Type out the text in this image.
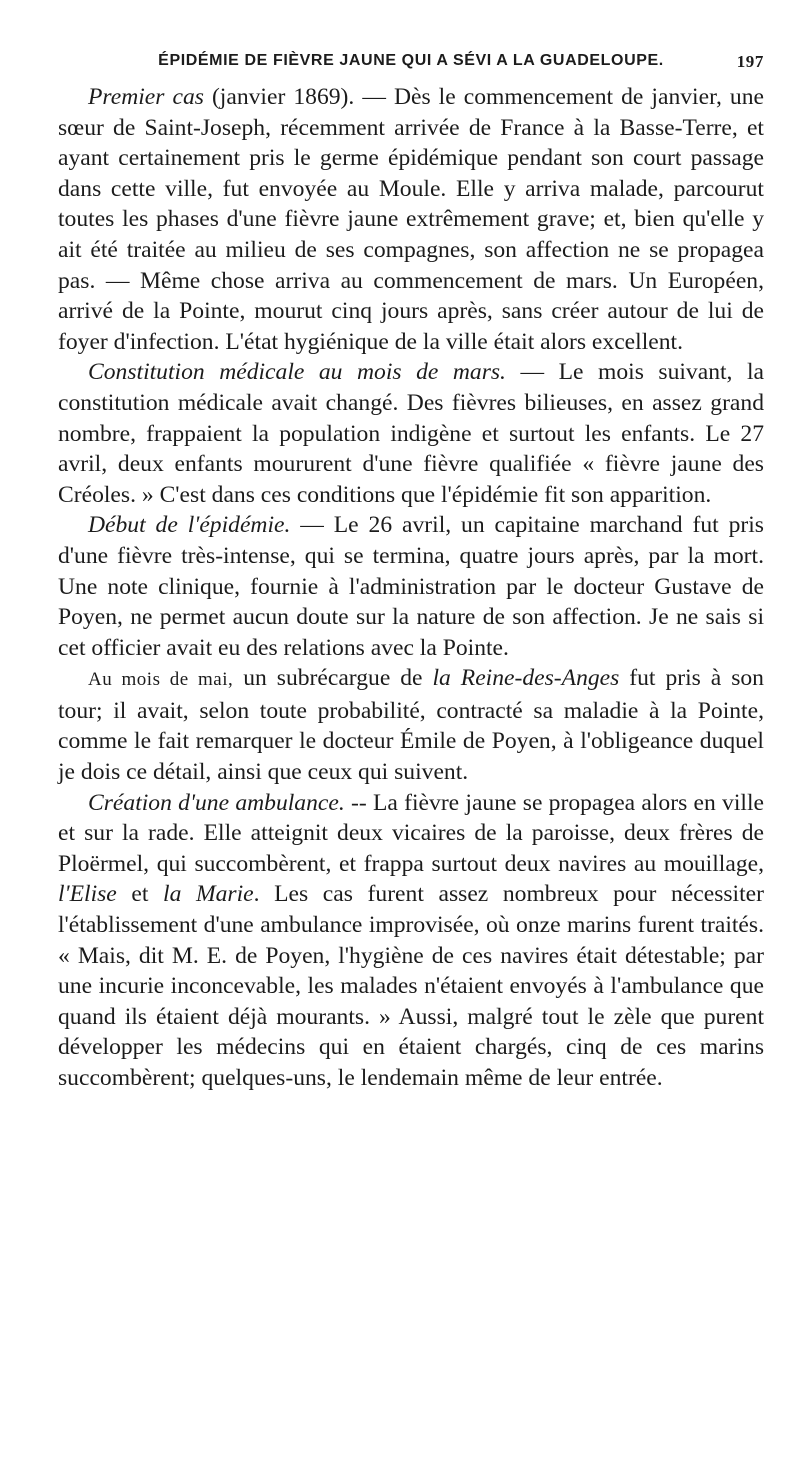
ÉPIDÉMIE DE FIÈVRE JAUNE QUI A SÉVI A LA GUADELOUPE.	197

Premier cas (janvier 1869). — Dès le commencement de janvier, une sœur de Saint-Joseph, récemment arrivée de France à la Basse-Terre, et ayant certainement pris le germe épidémique pendant son court passage dans cette ville, fut envoyée au Moule. Elle y arriva malade, parcourut toutes les phases d'une fièvre jaune extrêmement grave; et, bien qu'elle y ait été traitée au milieu de ses compagnes, son affection ne se propagea pas. — Même chose arriva au commencement de mars. Un Européen, arrivé de la Pointe, mourut cinq jours après, sans créer autour de lui de foyer d'infection. L'état hygiénique de la ville était alors excellent.

Constitution médicale au mois de mars. — Le mois suivant, la constitution médicale avait changé. Des fièvres bilieuses, en assez grand nombre, frappaient la population indigène et surtout les enfants. Le 27 avril, deux enfants moururent d'une fièvre qualifiée « fièvre jaune des Créoles. » C'est dans ces conditions que l'épidémie fit son apparition.

Début de l'épidémie. — Le 26 avril, un capitaine marchand fut pris d'une fièvre très-intense, qui se termina, quatre jours après, par la mort. Une note clinique, fournie à l'administration par le docteur Gustave de Poyen, ne permet aucun doute sur la nature de son affection. Je ne sais si cet officier avait eu des relations avec la Pointe.

Au mois de mai, un subrécargue de la Reine-des-Anges fut pris à son tour; il avait, selon toute probabilité, contracté sa maladie à la Pointe, comme le fait remarquer le docteur Émile de Poyen, à l'obligeance duquel je dois ce détail, ainsi que ceux qui suivent.

Création d'une ambulance. -- La fièvre jaune se propagea alors en ville et sur la rade. Elle atteignit deux vicaires de la paroisse, deux frères de Ploërmel, qui succombèrent, et frappa surtout deux navires au mouillage, l'Elise et la Marie. Les cas furent assez nombreux pour nécessiter l'établissement d'une ambulance improvisée, où onze marins furent traités. « Mais, dit M. E. de Poyen, l'hygiène de ces navires était détestable; par une incurie inconcevable, les malades n'étaient envoyés à l'ambulance que quand ils étaient déjà mourants. » Aussi, malgré tout le zèle que purent développer les médecins qui en étaient chargés, cinq de ces marins succombèrent; quelques-uns, le lendemain même de leur entrée.
